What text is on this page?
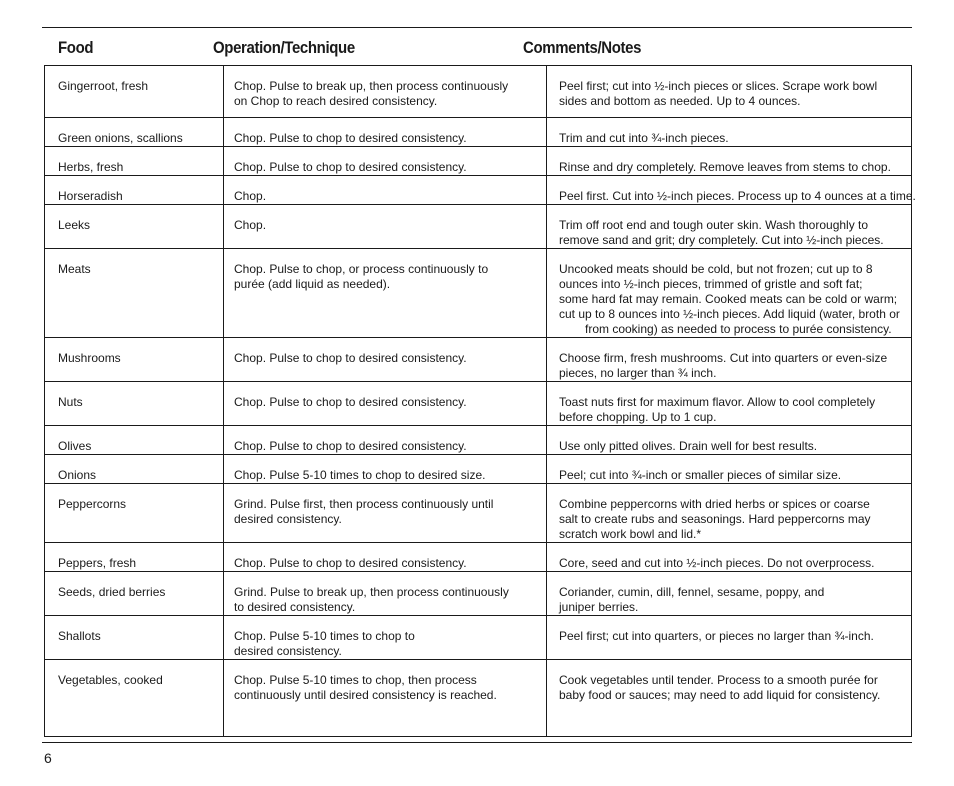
Food	Operation/Technique	Comments/Notes
Gingerroot, fresh	Chop. Pulse to break up, then process continuously
on Chop to reach desired consistency.	Peel first; cut into ½-inch pieces or slices. Scrape work bowl
sides and bottom as needed. Up to 4 ounces.

Green onions, scallions	Chop. Pulse to chop to desired consistency.	Trim and cut into ¾-inch pieces.

Herbs, fresh	Chop. Pulse to chop to desired consistency.	Rinse and dry completely. Remove leaves from stems to chop.

Horseradish	Chop.	Peel first. Cut into ½-inch pieces. Process up to 4 ounces at a time.

Leeks	Chop.	Trim off root end and tough outer skin. Wash thoroughly to
remove sand and grit; dry completely. Cut into ½-inch pieces.

Meats	Chop. Pulse to chop, or process continuously to
purée (add liquid as needed).	Uncooked meats should be cold, but not frozen; cut up to 8
ounces into ½-inch pieces, trimmed of gristle and soft fat;
some hard fat may remain. Cooked meats can be cold or warm;
cut up to 8 ounces into ½-inch pieces. Add liquid (water, broth or
from cooking) as needed to process to purée consistency.

Mushrooms	Chop. Pulse to chop to desired consistency.	Choose firm, fresh mushrooms. Cut into quarters or even-size
pieces, no larger than ¾ inch.

Nuts	Chop. Pulse to chop to desired consistency.	Toast nuts first for maximum flavor. Allow to cool completely
before chopping. Up to 1 cup.

Olives	Chop. Pulse to chop to desired consistency.	Use only pitted olives. Drain well for best results.

Onions	Chop. Pulse 5-10 times to chop to desired size.	Peel; cut into ¾-inch or smaller pieces of similar size.

Peppercorns	Grind. Pulse first, then process continuously until
desired consistency.	Combine peppercorns with dried herbs or spices or coarse
salt to create rubs and seasonings. Hard peppercorns may
scratch work bowl and lid.*

Peppers, fresh	Chop. Pulse to chop to desired consistency.	Core, seed and cut into ½-inch pieces. Do not overprocess.

Seeds, dried berries	Grind. Pulse to break up, then process continuously
to desired consistency.	Coriander, cumin, dill, fennel, sesame, poppy, and
juniper berries.

Shallots	Chop. Pulse 5-10 times to chop to
desired consistency.	Peel first; cut into quarters, or pieces no larger than ¾-inch.

Vegetables, cooked	Chop. Pulse 5-10 times to chop, then process
continuously until desired consistency is reached.	Cook vegetables until tender. Process to a smooth purée for
baby food or sauces; may need to add liquid for consistency.
6
